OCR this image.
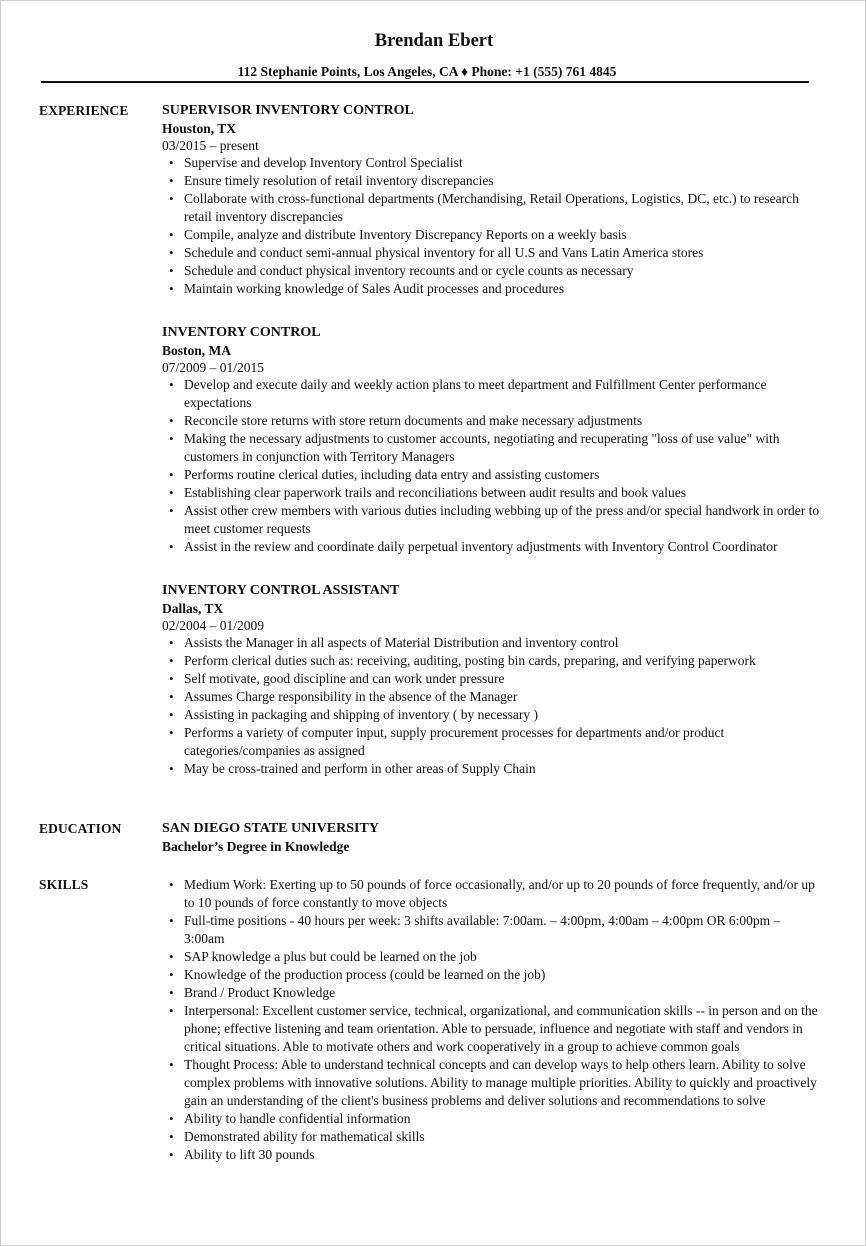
Brendan Ebert
112 Stephanie Points, Los Angeles, CA ♦ Phone: +1 (555) 761 4845
EXPERIENCE SUPERVISOR INVENTORY CONTROL
Houston, TX
03/2015 – present
• Supervise and develop Inventory Control Specialist
• Ensure timely resolution of retail inventory discrepancies
• Collaborate with cross-functional departments (Merchandising, Retail Operations, Logistics, DC, etc.) to research retail inventory discrepancies
• Compile, analyze and distribute Inventory Discrepancy Reports on a weekly basis
• Schedule and conduct semi-annual physical inventory for all U.S and Vans Latin America stores
• Schedule and conduct physical inventory recounts and or cycle counts as necessary
• Maintain working knowledge of Sales Audit processes and procedures
INVENTORY CONTROL
Boston, MA
07/2009 – 01/2015
• Develop and execute daily and weekly action plans to meet department and Fulfillment Center performance expectations
• Reconcile store returns with store return documents and make necessary adjustments
• Making the necessary adjustments to customer accounts, negotiating and recuperating "loss of use value" with customers in conjunction with Territory Managers
• Performs routine clerical duties, including data entry and assisting customers
• Establishing clear paperwork trails and reconciliations between audit results and book values
• Assist other crew members with various duties including webbing up of the press and/or special handwork in order to meet customer requests
• Assist in the review and coordinate daily perpetual inventory adjustments with Inventory Control Coordinator
INVENTORY CONTROL ASSISTANT
Dallas, TX
02/2004 – 01/2009
• Assists the Manager in all aspects of Material Distribution and inventory control
• Perform clerical duties such as: receiving, auditing, posting bin cards, preparing, and verifying paperwork
• Self motivate, good discipline and can work under pressure
• Assumes Charge responsibility in the absence of the Manager
• Assisting in packaging and shipping of inventory ( by necessary )
• Performs a variety of computer input, supply procurement processes for departments and/or product categories/companies as assigned
• May be cross-trained and perform in other areas of Supply Chain
EDUCATION	SAN DIEGO STATE UNIVERSITY
Bachelor’s Degree in Knowledge
SKILLS
•	Medium Work: Exerting up to 50 pounds of force occasionally, and/or up to 20 pounds of force frequently, and/or up to 10 pounds of force constantly to move objects
• Full-time positions - 40 hours per week: 3 shifts available: 7:00am. – 4:00pm, 4:00am – 4:00pm OR 6:00pm – 3:00am
• SAP knowledge a plus but could be learned on the job
• Knowledge of the production process (could be learned on the job)
• Brand / Product Knowledge
• Interpersonal: Excellent customer service, technical, organizational, and communication skills -- in person and on the phone; effective listening and team orientation. Able to persuade, influence and negotiate with staff and vendors in critical situations. Able to motivate others and work cooperatively in a group to achieve common goals
• Thought Process: Able to understand technical concepts and can develop ways to help others learn. Ability to solve complex problems with innovative solutions. Ability to manage multiple priorities. Ability to quickly and proactively gain an understanding of the client's business problems and deliver solutions and recommendations to solve
• Ability to handle confidential information
• Demonstrated ability for mathematical skills
• Ability to lift 30 pounds
